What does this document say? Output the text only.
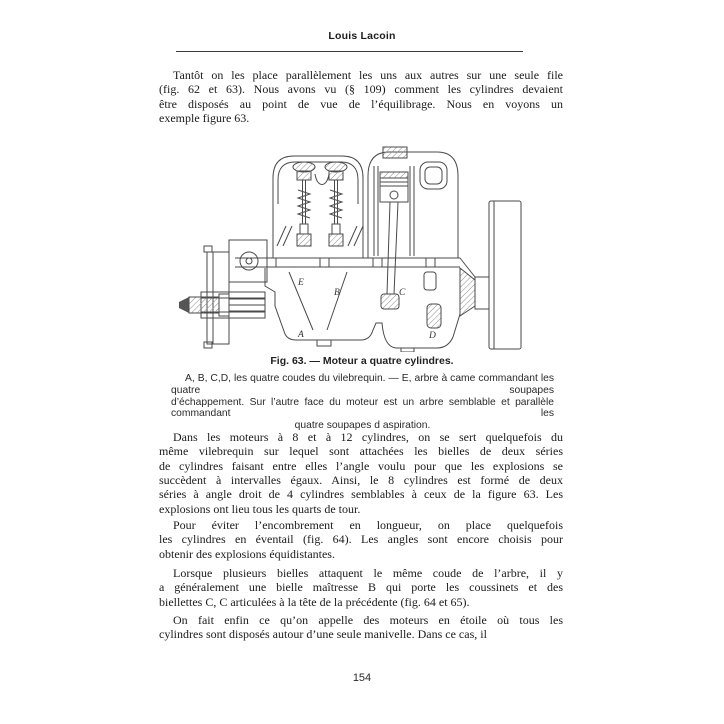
Louis Lacoin
Tantôt on les place parallèlement les uns aux autres sur une seule file
(fig. 62 et 63). Nous avons vu (§ 109) comment les cylindres devaient
être disposés au point de vue de l’équilibrage. Nous en voyons un
exemple figure 63.
E
B	C
A	D
Fig. 63. — Moteur a quatre cylindres.
A, B, C,D, les quatre coudes du vilebrequin. — E, arbre à came commandant les quatre soupapes
d’échappement. Sur l’autre face du moteur est un arbre semblable et parallèle commandant les
quatre soupapes d aspiration.
Dans les moteurs à 8 et à 12 cylindres, on se sert quelquefois du
même vilebrequin sur lequel sont attachées les bielles de deux séries
de cylindres faisant entre elles l’angle voulu pour que les explosions se
succèdent à intervalles égaux. Ainsi, le 8 cylindres est formé de deux
séries à angle droit de 4 cylindres semblables à ceux de la figure 63. Les
explosions ont lieu tous les quarts de tour.
Pour éviter l’encombrement en longueur, on place quelquefois
les cylindres en éventail (fig. 64). Les angles sont encore choisis pour
obtenir des explosions équidistantes.
Lorsque plusieurs bielles attaquent le même coude de l’arbre, il y
a généralement une bielle maîtresse B qui porte les coussinets et des
biellettes C, C articulées à la tête de la précédente (fig. 64 et 65).
On fait enfin ce qu’on appelle des moteurs en étoile où tous les
cylindres sont disposés autour d’une seule manivelle. Dans ce cas, il
154
